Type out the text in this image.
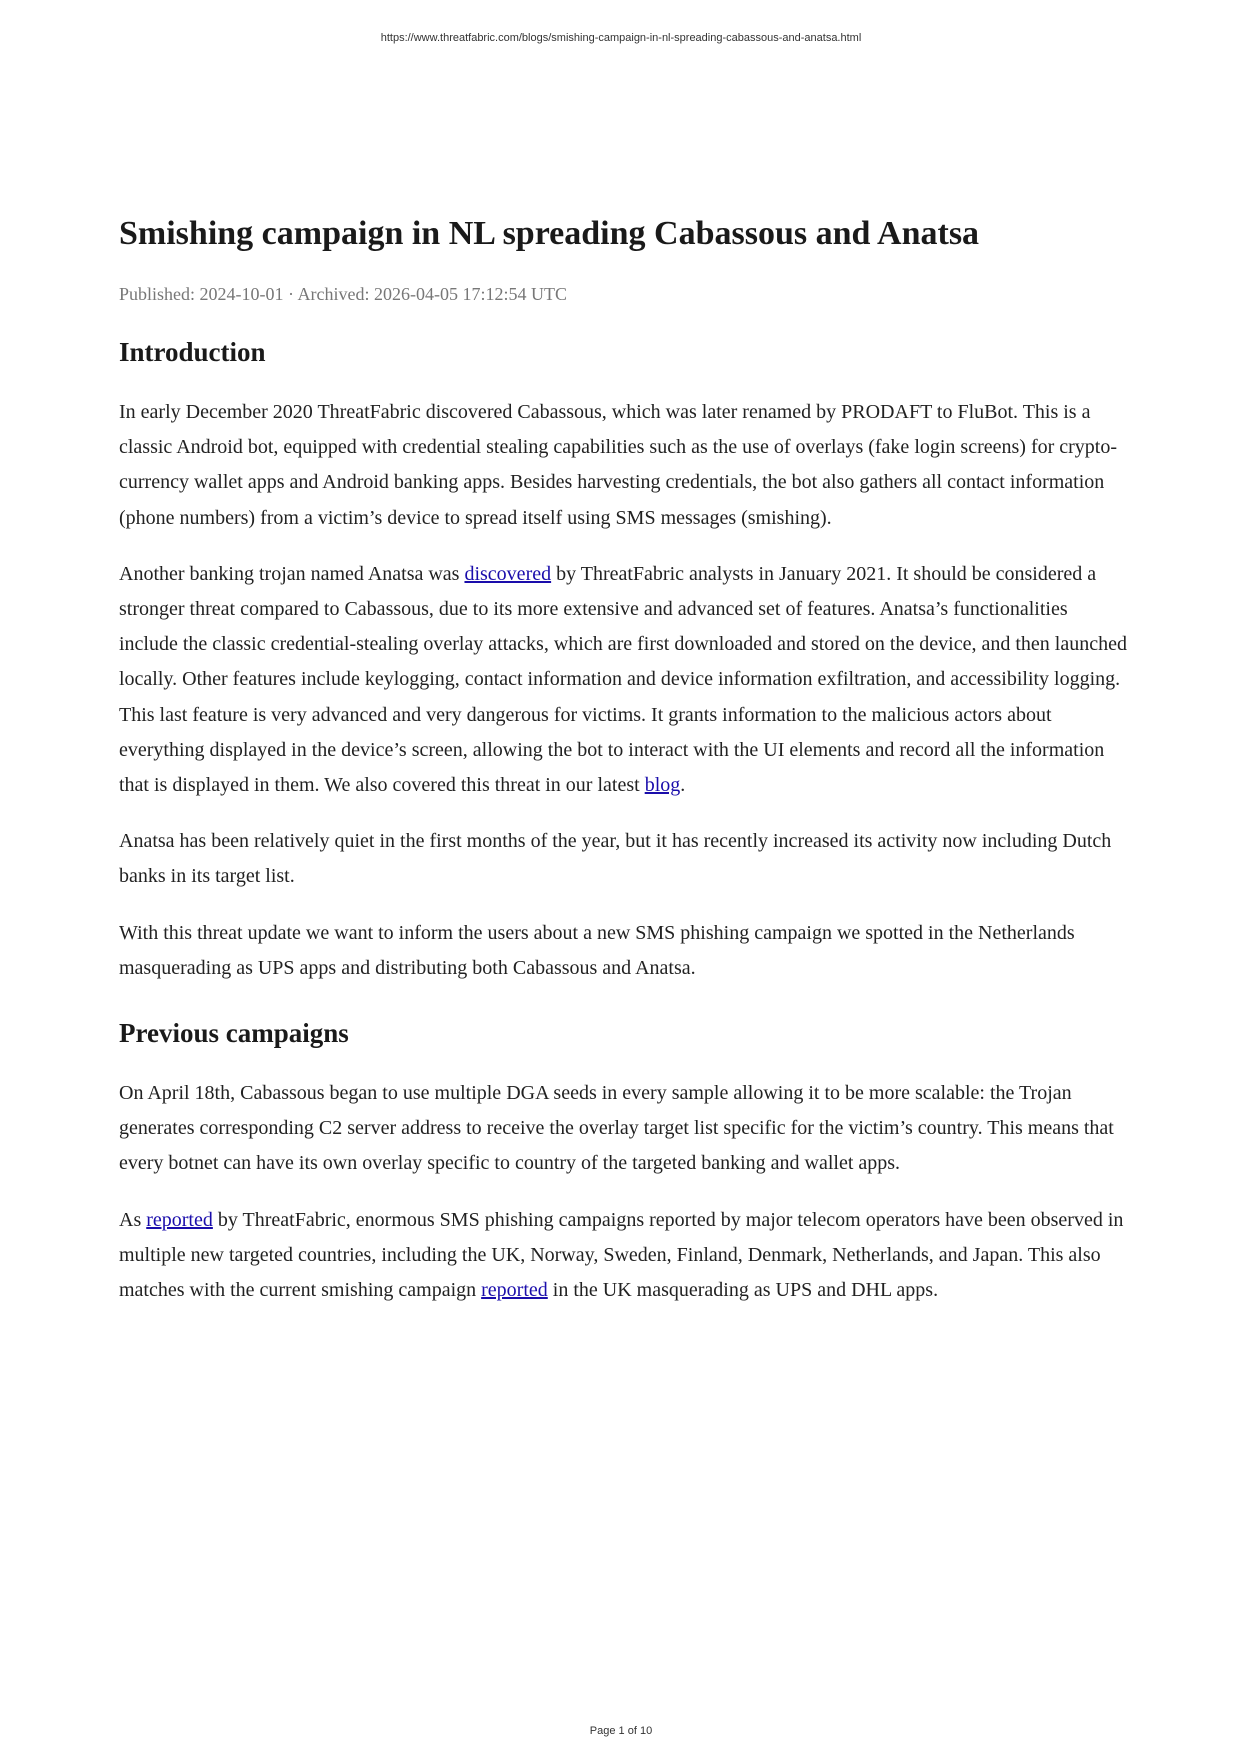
https://www.threatfabric.com/blogs/smishing-campaign-in-nl-spreading-cabassous-and-anatsa.html
Smishing campaign in NL spreading Cabassous and Anatsa
Published: 2024-10-01 · Archived: 2026-04-05 17:12:54 UTC
Introduction

In early December 2020 ThreatFabric discovered Cabassous, which was later renamed by PRODAFT to FluBot. This is a classic Android bot, equipped with credential stealing capabilities such as the use of overlays (fake login screens) for crypto-currency wallet apps and Android banking apps. Besides harvesting credentials, the bot also gathers all contact information (phone numbers) from a victim’s device to spread itself using SMS messages (smishing).

Another banking trojan named Anatsa was discovered by ThreatFabric analysts in January 2021. It should be considered a stronger threat compared to Cabassous, due to its more extensive and advanced set of features. Anatsa’s functionalities include the classic credential-stealing overlay attacks, which are first downloaded and stored on the device, and then launched locally. Other features include keylogging, contact information and device information exfiltration, and accessibility logging. This last feature is very advanced and very dangerous for victims. It grants information to the malicious actors about everything displayed in the device’s screen, allowing the bot to interact with the UI elements and record all the information that is displayed in them. We also covered this threat in our latest blog.

Anatsa has been relatively quiet in the first months of the year, but it has recently increased its activity now including Dutch banks in its target list.

With this threat update we want to inform the users about a new SMS phishing campaign we spotted in the Netherlands masquerading as UPS apps and distributing both Cabassous and Anatsa.

Previous campaigns

On April 18th, Cabassous began to use multiple DGA seeds in every sample allowing it to be more scalable: the Trojan generates corresponding C2 server address to receive the overlay target list specific for the victim’s country. This means that every botnet can have its own overlay specific to country of the targeted banking and wallet apps.

As reported by ThreatFabric, enormous SMS phishing campaigns reported by major telecom operators have been observed in multiple new targeted countries, including the UK, Norway, Sweden, Finland, Denmark, Netherlands, and Japan. This also matches with the current smishing campaign reported in the UK masquerading as UPS and DHL apps.

Page 1 of 10
